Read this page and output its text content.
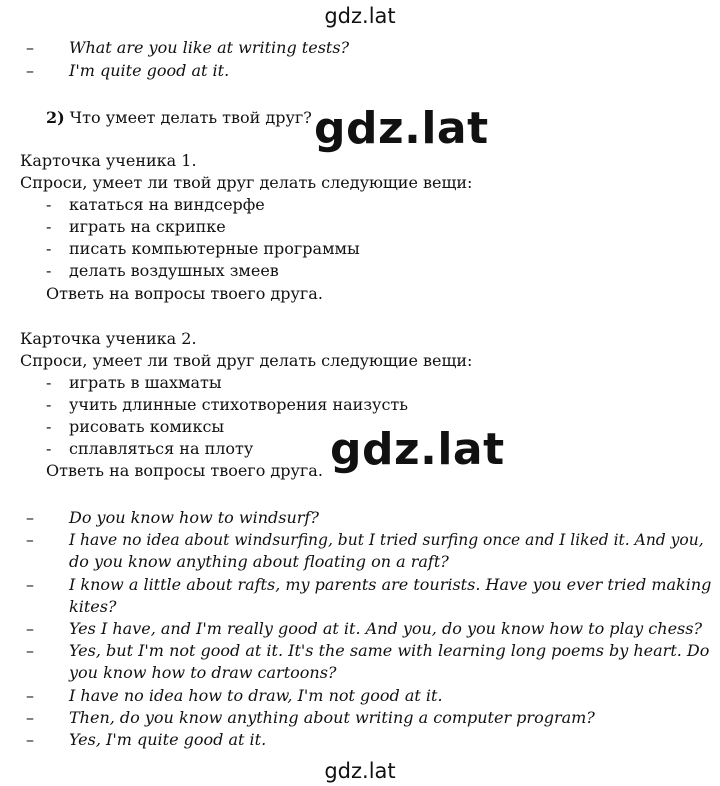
gdz.lat
– What are you like at writing tests?
– I'm quite good at it.
2) Что умеет делать твой друг? gdz.lat
Карточка ученика 1.
Спроси, умеет ли твой друг делать следующие вещи:
- кататься на виндсерфе
- играть на скрипке
- писать компьютерные программы
- делать воздушных змеев
Ответь на вопросы твоего друга.
Карточка ученика 2.
Спроси, умеет ли твой друг делать следующие вещи:
- играть в шахматы
- учить длинные стихотворения наизусть
- рисовать комиксы
- сплавляться на плоту
Ответь на вопросы твоего друга. gdz.lat
– Do you know how to windsurf?
– I have no idea about windsurfing, but I tried surfing once and I liked it. And you,
do you know anything about floating on a raft?
– I know a little about rafts, my parents are tourists. Have you ever tried making
kites?
– Yes I have, and I'm really good at it. And you, do you know how to play chess?
– Yes, but I'm not good at it. It's the same with learning long poems by heart. Do
you know how to draw cartoons?
– I have no idea how to draw, I'm not good at it.
– Then, do you know anything about writing a computer program?
– Yes, I'm quite good at it.
gdz.lat
